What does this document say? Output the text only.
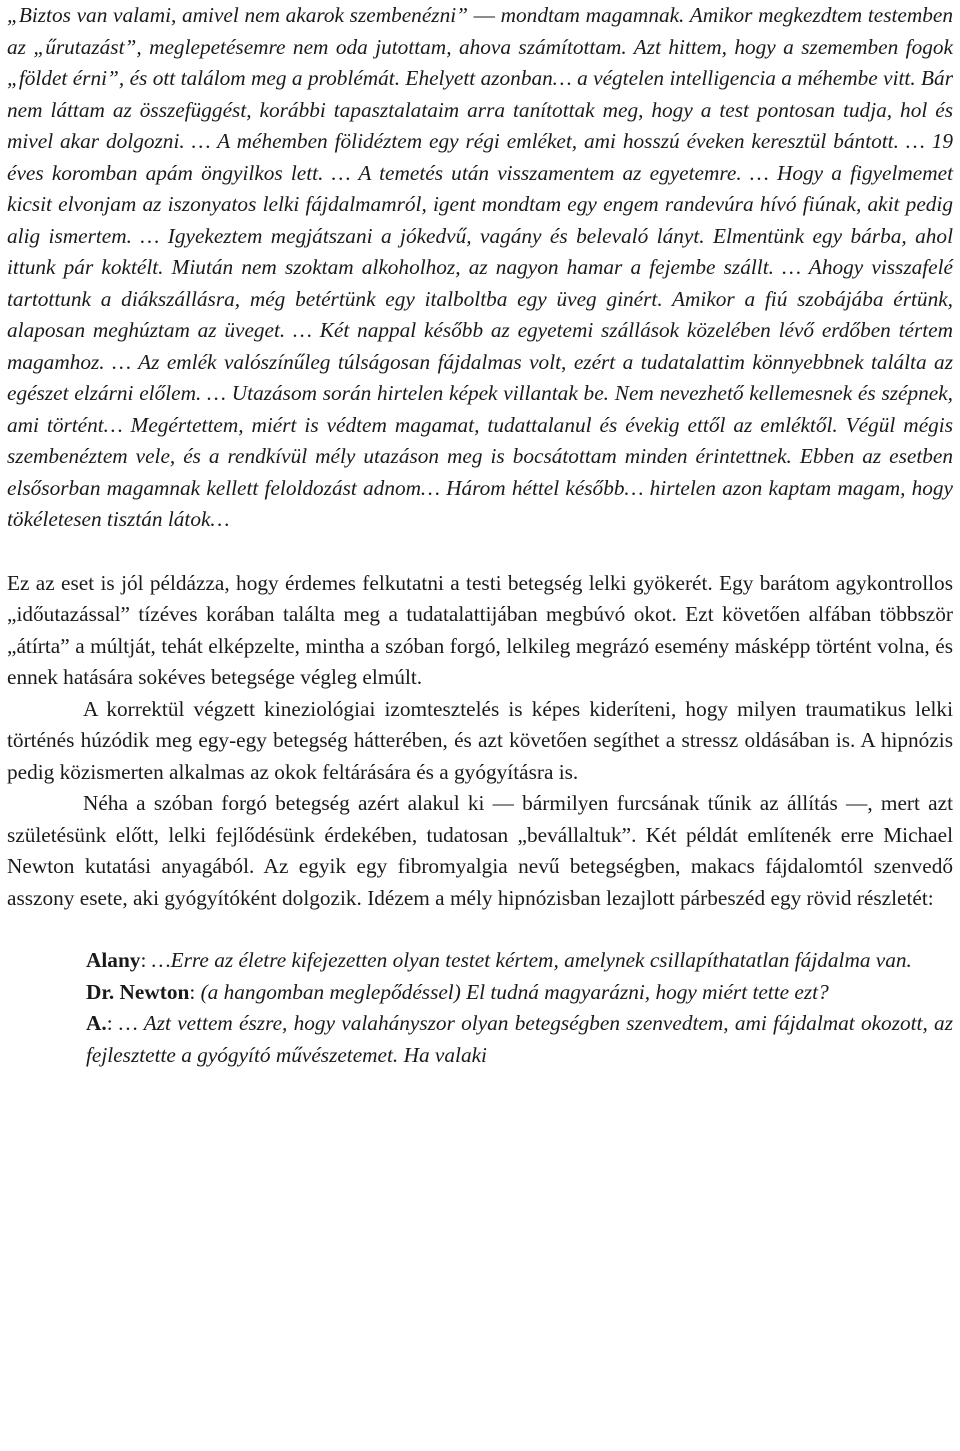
„Biztos van valami, amivel nem akarok szembenézni” ― mondtam magamnak. Amikor megkezdtem testemben az „űrutazást”, meglepetésemre nem oda jutottam, ahova számítottam. Azt hittem, hogy a szememben fogok „földet érni”, és ott találom meg a problémát. Ehelyett azonban… a végtelen intelligencia a méhembe vitt. Bár nem láttam az összefüggést, korábbi tapasztalataim arra tanítottak meg, hogy a test pontosan tudja, hol és mivel akar dolgozni. … A méhemben fölidéztem egy régi emléket, ami hosszú éveken keresztül bántott. … 19 éves koromban apám öngyilkos lett. … A temetés után visszamentem az egyetemre. … Hogy a figyelmemet kicsit elvonjam az iszonyatos lelki fájdalmamról, igent mondtam egy engem randevúra hívó fiúnak, akit pedig alig ismertem. … Igyekeztem megjátszani a jókedvű, vagány és belevaló lányt. Elmentünk egy bárba, ahol ittunk pár koktélt. Miután nem szoktam alkoholhoz, az nagyon hamar a fejembe szállt. … Ahogy visszafelé tartottunk a diákszállásra, még betértünk egy italboltba egy üveg ginért. Amikor a fiú szobájába értünk, alaposan meghúztam az üveget. … Két nappal később az egyetemi szállások közelében lévő erdőben tértem magamhoz. … Az emlék valószínűleg túlságosan fájdalmas volt, ezért a tudatalattim könnyebbnek találta az egészet elzárni előlem. … Utazásom során hirtelen képek villantak be. Nem nevezhető kellemesnek és szépnek, ami történt… Megértettem, miért is védtem magamat, tudattalanul és évekig ettől az emléktől. Végül mégis szembenéztem vele, és a rendkívül mély utazáson meg is bocsátottam minden érintettnek. Ebben az esetben elsősorban magamnak kellett feloldozást adnom… Három héttel később… hirtelen azon kaptam magam, hogy tökéletesen tisztán látok…

Ez az eset is jól példázza, hogy érdemes felkutatni a testi betegség lelki gyökerét. Egy barátom agykontrollos „időutazással” tízéves korában találta meg a tudatalattijában megbúvó okot. Ezt követően alfában többször „átírta” a múltját, tehát elképzelte, mintha a szóban forgó, lelkileg megrázó esemény másképp történt volna, és ennek hatására sokéves betegsége végleg elmúlt.

A korrektül végzett kineziológiai izomtesztelés is képes kideríteni, hogy milyen traumatikus lelki történés húzódik meg egy-egy betegség hátterében, és azt követően segíthet a stressz oldásában is. A hipnózis pedig közismerten alkalmas az okok feltárására és a gyógyításra is.

Néha a szóban forgó betegség azért alakul ki ― bármilyen furcsának tűnik az állítás ―, mert azt születésünk előtt, lelki fejlődésünk érdekében, tudatosan „bevállaltuk”. Két példát említenék erre Michael Newton kutatási anyagából. Az egyik egy fibromyalgia nevű betegségben, makacs fájdalomtól szenvedő asszony esete, aki gyógyítóként dolgozik. Idézem a mély hipnózisban lezajlott párbeszéd egy rövid részletét:

Alany: …Erre az életre kifejezetten olyan testet kértem, amelynek csillapíthatatlan fájdalma van.

Dr. Newton: (a hangomban meglepődéssel) El tudná magyarázni, hogy miért tette ezt?

A.: … Azt vettem észre, hogy valahányszor olyan betegségben szenvedtem, ami fájdalmat okozott, az fejlesztette a gyógyító művészetemet. Ha valaki
